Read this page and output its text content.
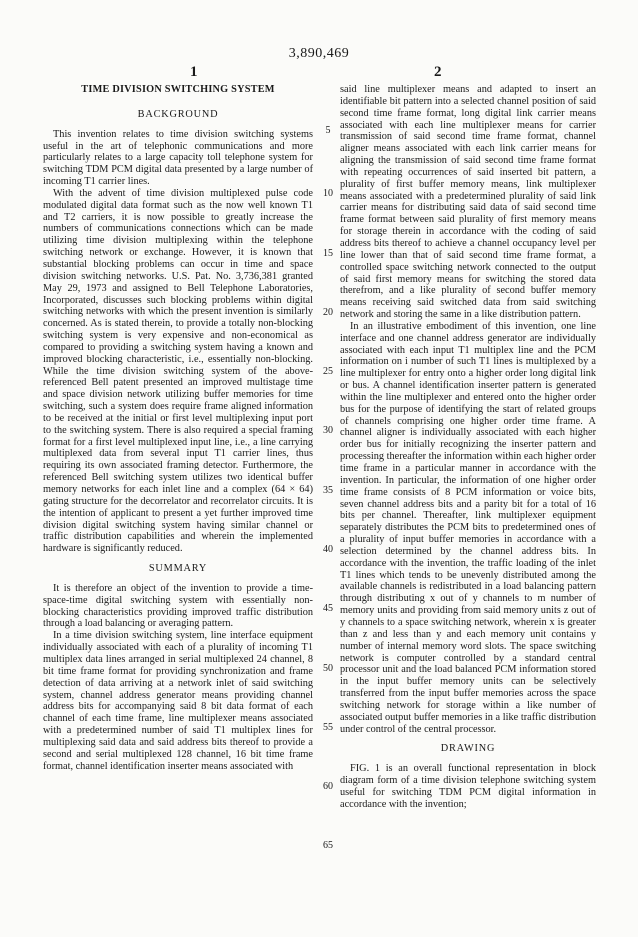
3,890,469
1	2
TIME DIVISION SWITCHING SYSTEM
BACKGROUND

This invention relates to time division switching systems useful in the art of telephonic communications and more particularly relates to a large capacity toll telephone system for switching TDM PCM digital data presented by a large number of incoming T1 carrier lines.

With the advent of time division multiplexed pulse code modulated digital data format such as the now well known T1 and T2 carriers, it is now possible to greatly increase the numbers of communications connections which can be made utilizing time division multiplexing within the telephone switching network or exchange. However, it is known that substantial blocking problems can occur in time and space division switching networks. U.S. Pat. No. 3,736,381 granted May 29, 1973 and assigned to Bell Telephone Laboratories, Incorporated, discusses such blocking problems within digital switching networks with which the present invention is similarly concerned. As is stated therein, to provide a totally non-blocking switching system is very expensive and non-economical as compared to providing a switching system having a known and improved blocking characteristic, i.e., essentially non-blocking. While the time division switching system of the above-referenced Bell patent presented an improved multistage time and space division network utilizing buffer memories for time switching, such a system does require frame aligned information to be received at the initial or first level multiplexing input port to the switching system. There is also required a special framing format for a first level multiplexed input line, i.e., a line carrying multiplexed data from several input T1 carrier lines, thus requiring its own associated framing detector. Furthermore, the referenced Bell switching system utilizes two identical buffer memory networks for each inlet line and a complex (64 × 64) gating structure for the decorrelator and recorrelator circuits. It is the intention of applicant to present a yet further improved time division digital switching system having similar channel or traffic distribution capabilities and wherein the implemented hardware is significantly reduced.

SUMMARY

It is therefore an object of the invention to provide a time-space-time digital switching system with essentially non-blocking characteristics providing improved traffic distribution through a load balancing or averaging pattern.

In a time division switching system, line interface equipment individually associated with each of a plurality of incoming T1 multiplex data lines arranged in serial multiplexed 24 channel, 8 bit time frame format for providing synchronization and frame detection of data arriving at a network inlet of said switching system, channel address generator means providing channel address bits for accompanying said 8 bit data format of each channel of each time frame, line multiplexer means associated with a predetermined number of said T1 multiplex lines for multiplexing said data and said address bits thereof to provide a second and serial multiplexed 128 channel, 16 bit time frame format, channel identification inserter means associated with

said line multiplexer means and adapted to insert an identifiable bit pattern into a selected channel position of said second time frame format, long digital link carrier means associated with each line multiplexer means for carrier transmission of said second time frame format, channel aligner means associated with each link carrier means for aligning the transmission of said second time frame format with repeating occurrences of said inserted bit pattern, a plurality of first buffer memory means, link multiplexer means associated with a predetermined plurality of said link carrier means for distributing said data of said second time frame format between said plurality of first memory means for storage therein in accordance with the coding of said address bits thereof to achieve a channel occupancy level per line lower than that of said second time frame format, a controlled space switching network connected to the output of said first memory means for switching the stored data therefrom, and a like plurality of second buffer memory means receiving said switched data from said switching network and storing the same in a like distribution pattern.

In an illustrative embodiment of this invention, one line interface and one channel address generator are individually associated with each input T1 multiplex line and the PCM information on i number of such T1 lines is multiplexed by a line multiplexer for entry onto a higher order long digital link or bus. A channel identification inserter pattern is generated within the line multiplexer and entered onto the higher order bus for the purpose of identifying the start of related groups of channels comprising one higher order time frame. A channel aligner is individually associated with each higher order bus for initially recognizing the inserter pattern and processing thereafter the information within each higher order time frame in a particular manner in accordance with the invention. In particular, the information of one higher order time frame consists of 8 PCM information or voice bits, seven channel address bits and a parity bit for a total of 16 bits per channel. Thereafter, link multiplexer equipment separately distributes the PCM bits to predetermined ones of a plurality of input buffer memories in accordance with a selection determined by the channel address bits. In accordance with the invention, the traffic loading of the inlet T1 lines which tends to be unevenly distributed among the available channels is redistributed in a load balancing pattern through distributing x out of y channels to m number of memory units and providing from said memory units z out of y channels to a space switching network, wherein x is greater than z and less than y and each memory unit contains y number of internal memory word slots. The space switching network is computer controlled by a standard central processor unit and the load balanced PCM information stored in the input buffer memory units can be selectively transferred from the input buffer memories across the space switching network for storage within a like number of associated output buffer memories in a like traffic distribution under control of the central processor.

DRAWING

FIG. 1 is an overall functional representation in block diagram form of a time division telephone switching system useful for switching TDM PCM digital information in accordance with the invention;

5
10
15
20
25
30
35
40
45
50
55
60
65
